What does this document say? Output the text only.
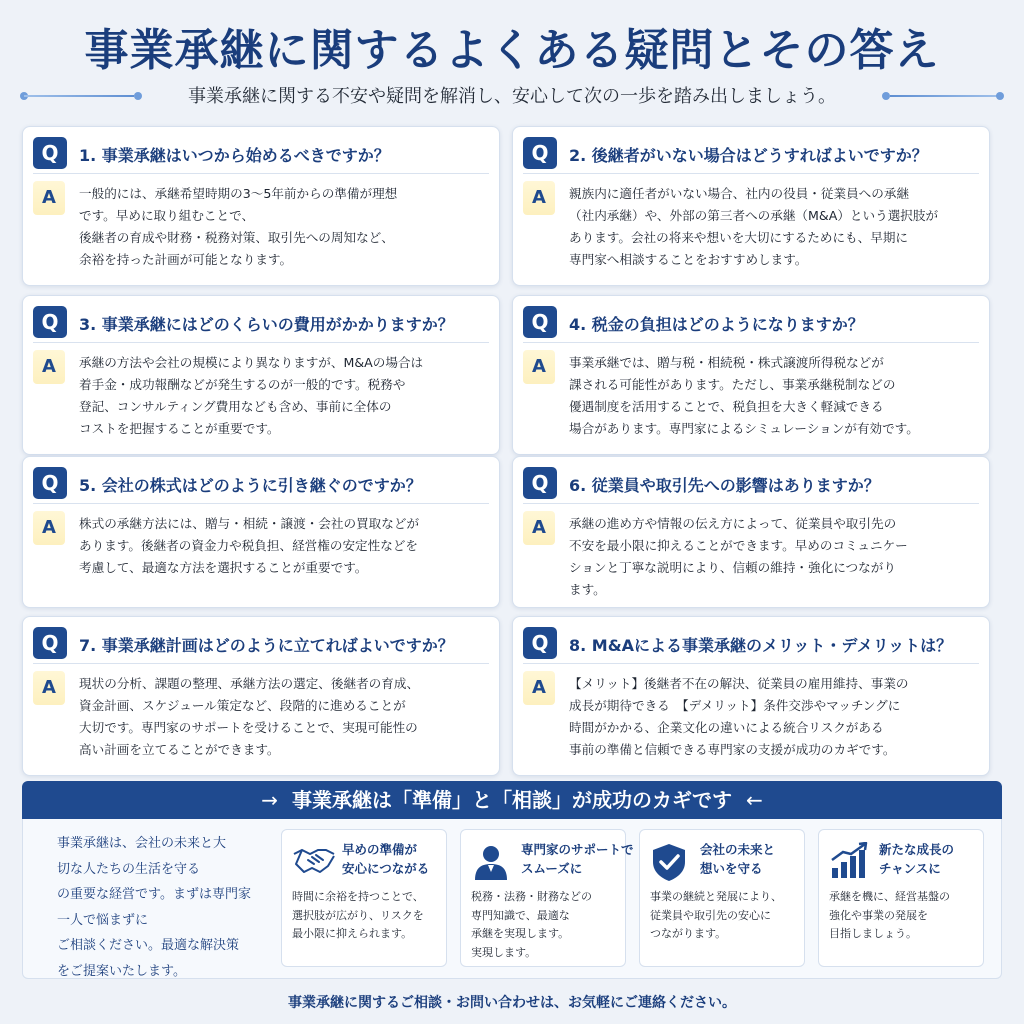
事業承継に関するよくある疑問とその答え
事業承継に関する不安や疑問を解消し、安心して次の一歩を踏み出しましょう。
Q	1. 事業承継はいつから始めるべきですか？
A	一般的には、承継希望時期の3〜5年前からの準備が理想
です。早めに取り組むことで、
後継者の育成や財務・税務対策、取引先への周知など、
余裕を持った計画が可能となります。
Q	2. 後継者がいない場合はどうすればよいですか？
A	親族内に適任者がいない場合、社内の役員・従業員への承継
（社内承継）や、外部の第三者への承継（M&A）という選択肢が
あります。会社の将来や想いを大切にするためにも、早期に
専門家へ相談することをおすすめします。
Q	3. 事業承継にはどのくらいの費用がかかりますか？
A	承継の方法や会社の規模により異なりますが、M&Aの場合は
着手金・成功報酬などが発生するのが一般的です。税務や
登記、コンサルティング費用なども含め、事前に全体の
コストを把握することが重要です。
Q	4. 税金の負担はどのようになりますか？
A	事業承継では、贈与税・相続税・株式譲渡所得税などが
課される可能性があります。ただし、事業承継税制などの
優遇制度を活用することで、税負担を大きく軽減できる
場合があります。専門家によるシミュレーションが有効です。
Q	5. 会社の株式はどのように引き継ぐのですか？
A	株式の承継方法には、贈与・相続・譲渡・会社の買取などが
あります。後継者の資金力や税負担、経営権の安定性などを
考慮して、最適な方法を選択することが重要です。
Q	6. 従業員や取引先への影響はありますか？
A	承継の進め方や情報の伝え方によって、従業員や取引先の
不安を最小限に抑えることができます。早めのコミュニケー
ションと丁寧な説明により、信頼の維持・強化につながり
ます。
Q	7. 事業承継計画はどのように立てればよいですか？
A	現状の分析、課題の整理、承継方法の選定、後継者の育成、
資金計画、スケジュール策定など、段階的に進めることが
大切です。専門家のサポートを受けることで、実現可能性の
高い計画を立てることができます。
Q	8. M&Aによる事業承継のメリット・デメリットは？
A	【メリット】後継者不在の解決、従業員の雇用維持、事業の
成長が期待できる　【デメリット】条件交渉やマッチングに
時間がかかる、企業文化の違いによる統合リスクがある
事前の準備と信頼できる専門家の支援が成功のカギです。
→ 事業承継は「準備」と「相談」が成功のカギです ←
事業承継は、会社の未来と大
切な人たちの生活を守る
の重要な経営です。まずは専門家
一人で悩まずに
ご相談ください。最適な解決策
をご提案いたします。
早めの準備が
安心につながる
時間に余裕を持つことで、
選択肢が広がり、リスクを
最小限に抑えられます。
専門家のサポートで
スムーズに
税務・法務・財務などの
専門知識で、最適な
承継を実現します。
実現します。
会社の未来と
想いを守る
事業の継続と発展により、
従業員や取引先の安心に
つながります。
新たな成長の
チャンスに
承継を機に、経営基盤の
強化や事業の発展を
目指しましょう。
事業承継に関するご相談・お問い合わせは、お気軽にご連絡ください。
